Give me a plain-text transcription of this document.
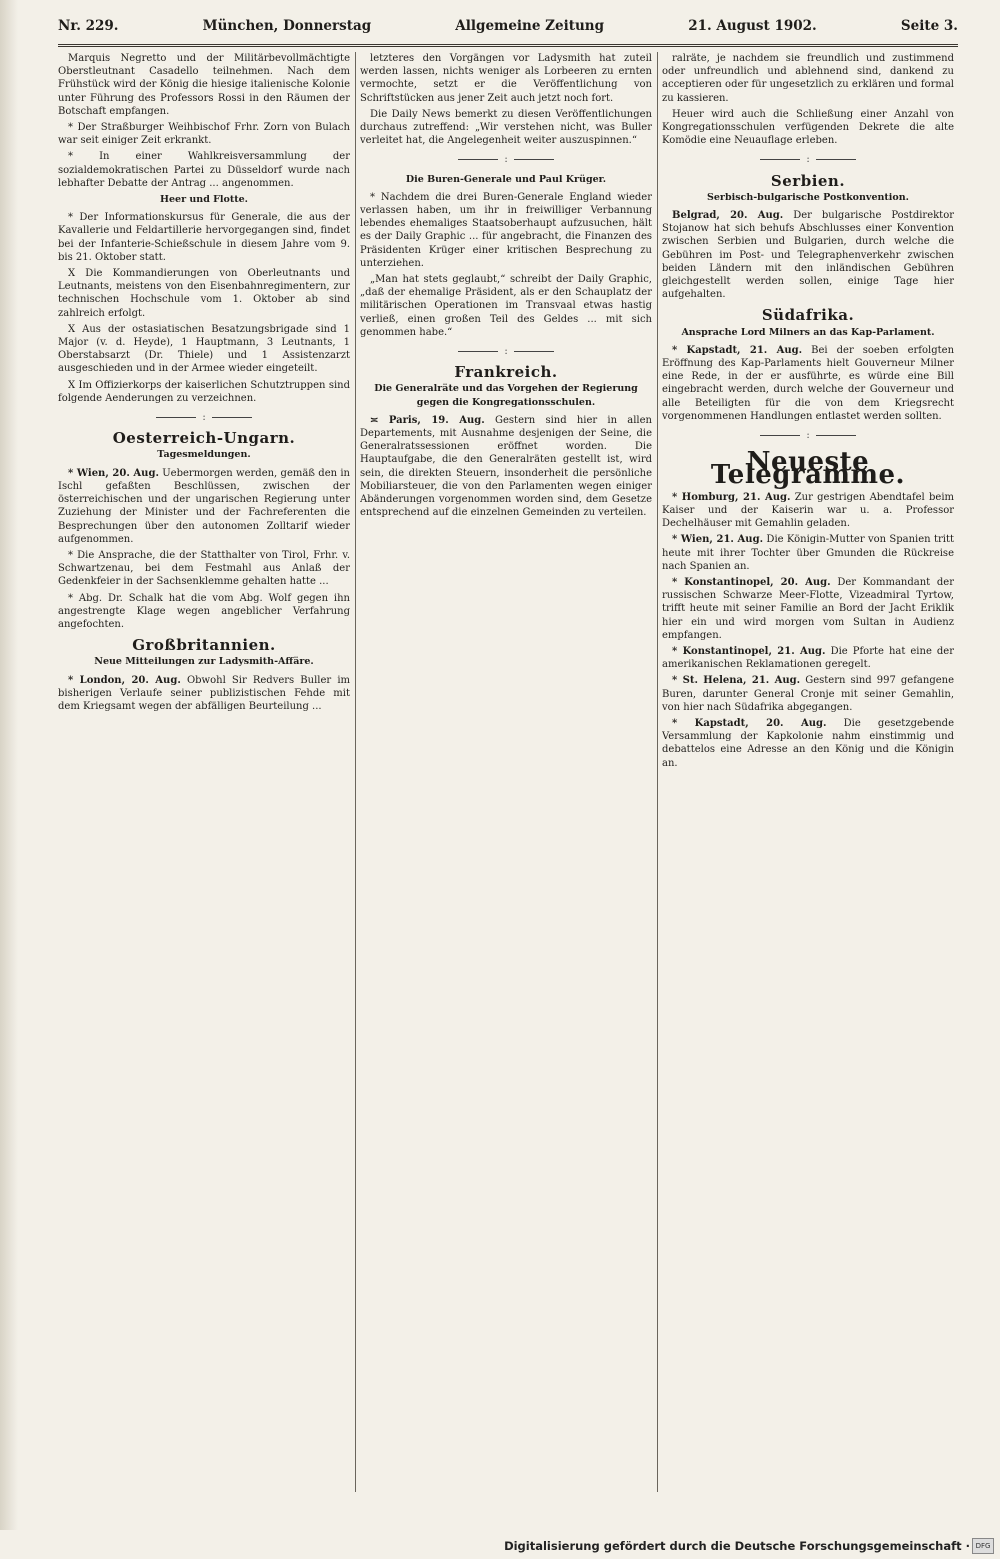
Nr. 229.	München, Donnerstag	Allgemeine Zeitung	21. August 1902.	Seite 3.

Marquis Negretto und der Militärbevollmächtigte Oberstleutnant Casadello teilnehmen. Nach dem Frühstück wird der König die hiesige italienische Kolonie unter Führung des Professors Rossi in den Räumen der Botschaft empfangen.

* Der Straßburger Weihbischof Frhr. Zorn von Bulach war seit einiger Zeit erkrankt.

* In einer Wahlkreisversammlung der sozialdemokratischen Partei zu Düsseldorf wurde nach lebhafter Debatte der Antrag ... angenommen.

Heer und Flotte.

* Der Informationskursus für Generale, die aus der Kavallerie und Feldartillerie hervorgegangen sind, findet bei der Infanterie-Schießschule in diesem Jahre vom 9. bis 21. Oktober statt.

X Die Kommandierungen von Oberleutnants und Leutnants, meistens von den Eisenbahnregimentern, zur technischen Hochschule vom 1. Oktober ab sind zahlreich erfolgt.

X Aus der ostasiatischen Besatzungsbrigade sind 1 Major (v. d. Heyde), 1 Hauptmann, 3 Leutnants, 1 Oberstabsarzt (Dr. Thiele) und 1 Assistenzarzt ausgeschieden und in der Armee wieder eingeteilt.

X Im Offizierkorps der kaiserlichen Schutztruppen sind folgende Aenderungen zu verzeichnen.

:
Oesterreich-Ungarn.
Tagesmeldungen.

* Wien, 20. Aug. Uebermorgen werden, gemäß den in Ischl gefaßten Beschlüssen, zwischen der österreichischen und der ungarischen Regierung unter Zuziehung der Minister und der Fachreferenten die Besprechungen über den autonomen Zolltarif wieder aufgenommen.

* Die Ansprache, die der Statthalter von Tirol, Frhr. v. Schwartzenau, bei dem Festmahl aus Anlaß der Gedenkfeier in der Sachsenklemme gehalten hatte ...

* Abg. Dr. Schalk hat die vom Abg. Wolf gegen ihn angestrengte Klage wegen angeblicher Verfahrung angefochten.

Großbritannien.
Neue Mitteilungen zur Ladysmith-Affäre.

* London, 20. Aug. Obwohl Sir Redvers Buller im bisherigen Verlaufe seiner publizistischen Fehde mit dem Kriegsamt wegen der abfälligen Beurteilung ...

letzteres den Vorgängen vor Ladysmith hat zuteil werden lassen, nichts weniger als Lorbeeren zu ernten vermochte, setzt er die Veröffentlichung von Schriftstücken aus jener Zeit auch jetzt noch fort.

Die Daily News bemerkt zu diesen Veröffentlichungen durchaus zutreffend: „Wir verstehen nicht, was Buller verleitet hat, die Angelegenheit weiter auszuspinnen.“

:
Die Buren-Generale und Paul Krüger.

* Nachdem die drei Buren-Generale England wieder verlassen haben, um ihr in freiwilliger Verbannung lebendes ehemaliges Staatsoberhaupt aufzusuchen, hält es der Daily Graphic ... für angebracht, die Finanzen des Präsidenten Krüger einer kritischen Besprechung zu unterziehen.

„Man hat stets geglaubt,“ schreibt der Daily Graphic, „daß der ehemalige Präsident, als er den Schauplatz der militärischen Operationen im Transvaal etwas hastig verließ, einen großen Teil des Geldes ... mit sich genommen habe.“

:
Frankreich.
Die Generalräte und das Vorgehen der Regierung gegen die Kongregationsschulen.

≍ Paris, 19. Aug. Gestern sind hier in allen Departements, mit Ausnahme desjenigen der Seine, die Generalratssessionen eröffnet worden. Die Hauptaufgabe, die den Generalräten gestellt ist, wird sein, die direkten Steuern, insonderheit die persönliche Mobiliarsteuer, die von den Parlamenten wegen einiger Abänderungen vorgenommen worden sind, dem Gesetze entsprechend auf die einzelnen Gemeinden zu verteilen.

ralräte, je nachdem sie freundlich und zustimmend oder unfreundlich und ablehnend sind, dankend zu acceptieren oder für ungesetzlich zu erklären und formal zu kassieren.

Heuer wird auch die Schließung einer Anzahl von Kongregationsschulen verfügenden Dekrete die alte Komödie eine Neuauflage erleben.

:
Serbien.
Serbisch-bulgarische Postkonvention.

Belgrad, 20. Aug. Der bulgarische Postdirektor Stojanow hat sich behufs Abschlusses einer Konvention zwischen Serbien und Bulgarien, durch welche die Gebühren im Post- und Telegraphenverkehr zwischen beiden Ländern mit den inländischen Gebühren gleichgestellt werden sollen, einige Tage hier aufgehalten.

Südafrika.
Ansprache Lord Milners an das Kap-Parlament.

* Kapstadt, 21. Aug. Bei der soeben erfolgten Eröffnung des Kap-Parlaments hielt Gouverneur Milner eine Rede, in der er ausführte, es würde eine Bill eingebracht werden, durch welche der Gouverneur und alle Beteiligten für die von dem Kriegsrecht vorgenommenen Handlungen entlastet werden sollten.

:
Neueste Telegramme.

* Homburg, 21. Aug. Zur gestrigen Abendtafel beim Kaiser und der Kaiserin war u. a. Professor Dechelhäuser mit Gemahlin geladen.

* Wien, 21. Aug. Die Königin-Mutter von Spanien tritt heute mit ihrer Tochter über Gmunden die Rückreise nach Spanien an.

* Konstantinopel, 20. Aug. Der Kommandant der russischen Schwarze Meer-Flotte, Vizeadmiral Tyrtow, trifft heute mit seiner Familie an Bord der Jacht Eriklik hier ein und wird morgen vom Sultan in Audienz empfangen.

* Konstantinopel, 21. Aug. Die Pforte hat eine der amerikanischen Reklamationen geregelt.

* St. Helena, 21. Aug. Gestern sind 997 gefangene Buren, darunter General Cronje mit seiner Gemahlin, von hier nach Südafrika abgegangen.

* Kapstadt, 20. Aug. Die gesetzgebende Versammlung der Kapkolonie nahm einstimmig und debattelos eine Adresse an den König und die Königin an.

Digitalisierung gefördert durch die Deutsche Forschungsgemeinschaft · DFG
